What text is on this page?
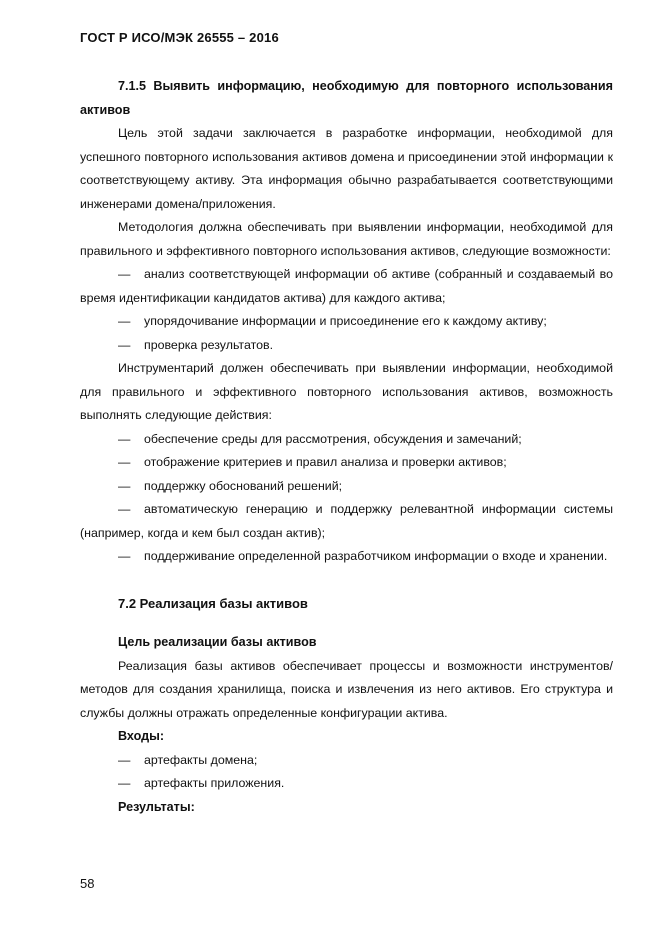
ГОСТ Р ИСО/МЭК 26555 – 2016

7.1.5 Выявить информацию, необходимую для повторного использования активов

Цель этой задачи заключается в разработке информации, необходимой для успешного повторного использования активов домена и присоединении этой информации к соответствующему активу. Эта информация обычно разрабатывается соответствующими инженерами домена/приложения.

Методология должна обеспечивать при выявлении информации, необходимой для правильного и эффективного повторного использования активов, следующие возможности:

— анализ соответствующей информации об активе (собранный и создаваемый во время идентификации кандидатов актива) для каждого актива;

— упорядочивание информации и присоединение его к каждому активу;

— проверка результатов.

Инструментарий должен обеспечивать при выявлении информации, необходимой для правильного и эффективного повторного использования активов, возможность выполнять следующие действия:

— обеспечение среды для рассмотрения, обсуждения и замечаний;

— отображение критериев и правил анализа и проверки активов;

— поддержку обоснований решений;

— автоматическую генерацию и поддержку релевантной информации системы (например, когда и кем был создан актив);

— поддерживание определенной разработчиком информации о входе и хранении.

7.2 Реализация базы активов

Цель реализации базы активов

Реализация базы активов обеспечивает процессы и возможности инструментов/методов для создания хранилища, поиска и извлечения из него активов. Его структура и службы должны отражать определенные конфигурации актива.

Входы:

— артефакты домена;

— артефакты приложения.

Результаты:

58
